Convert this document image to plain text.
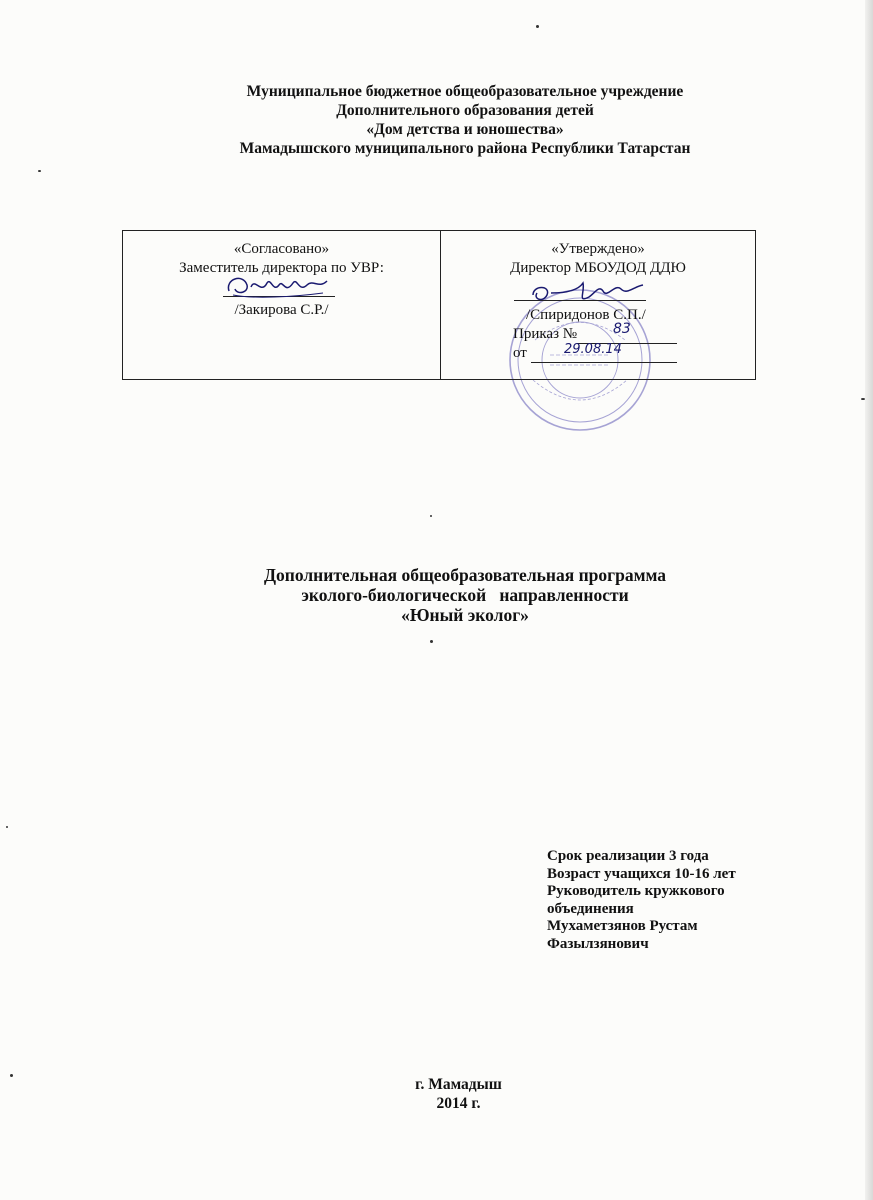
Муниципальное бюджетное общеобразовательное учреждение
Дополнительного образования детей
«Дом детства и юношества»
Мамадышского муниципального района Республики Татарстан
«Согласовано»
Заместитель директора по УВР:
/Закирова С.Р./
«Утверждено»
Директор МБОУДОД ДДЮ
/Спиридонов С.П./
Приказ №	83
от	29.08.14
Дополнительная общеобразовательная программа
эколого-биологической   направленности
«Юный эколог»
Срок реализации 3 года
Возраст учащихся 10-16 лет
Руководитель кружкового
объединения
Мухаметзянов Рустам
Фазылзянович
г. Мамадыш
2014 г.
